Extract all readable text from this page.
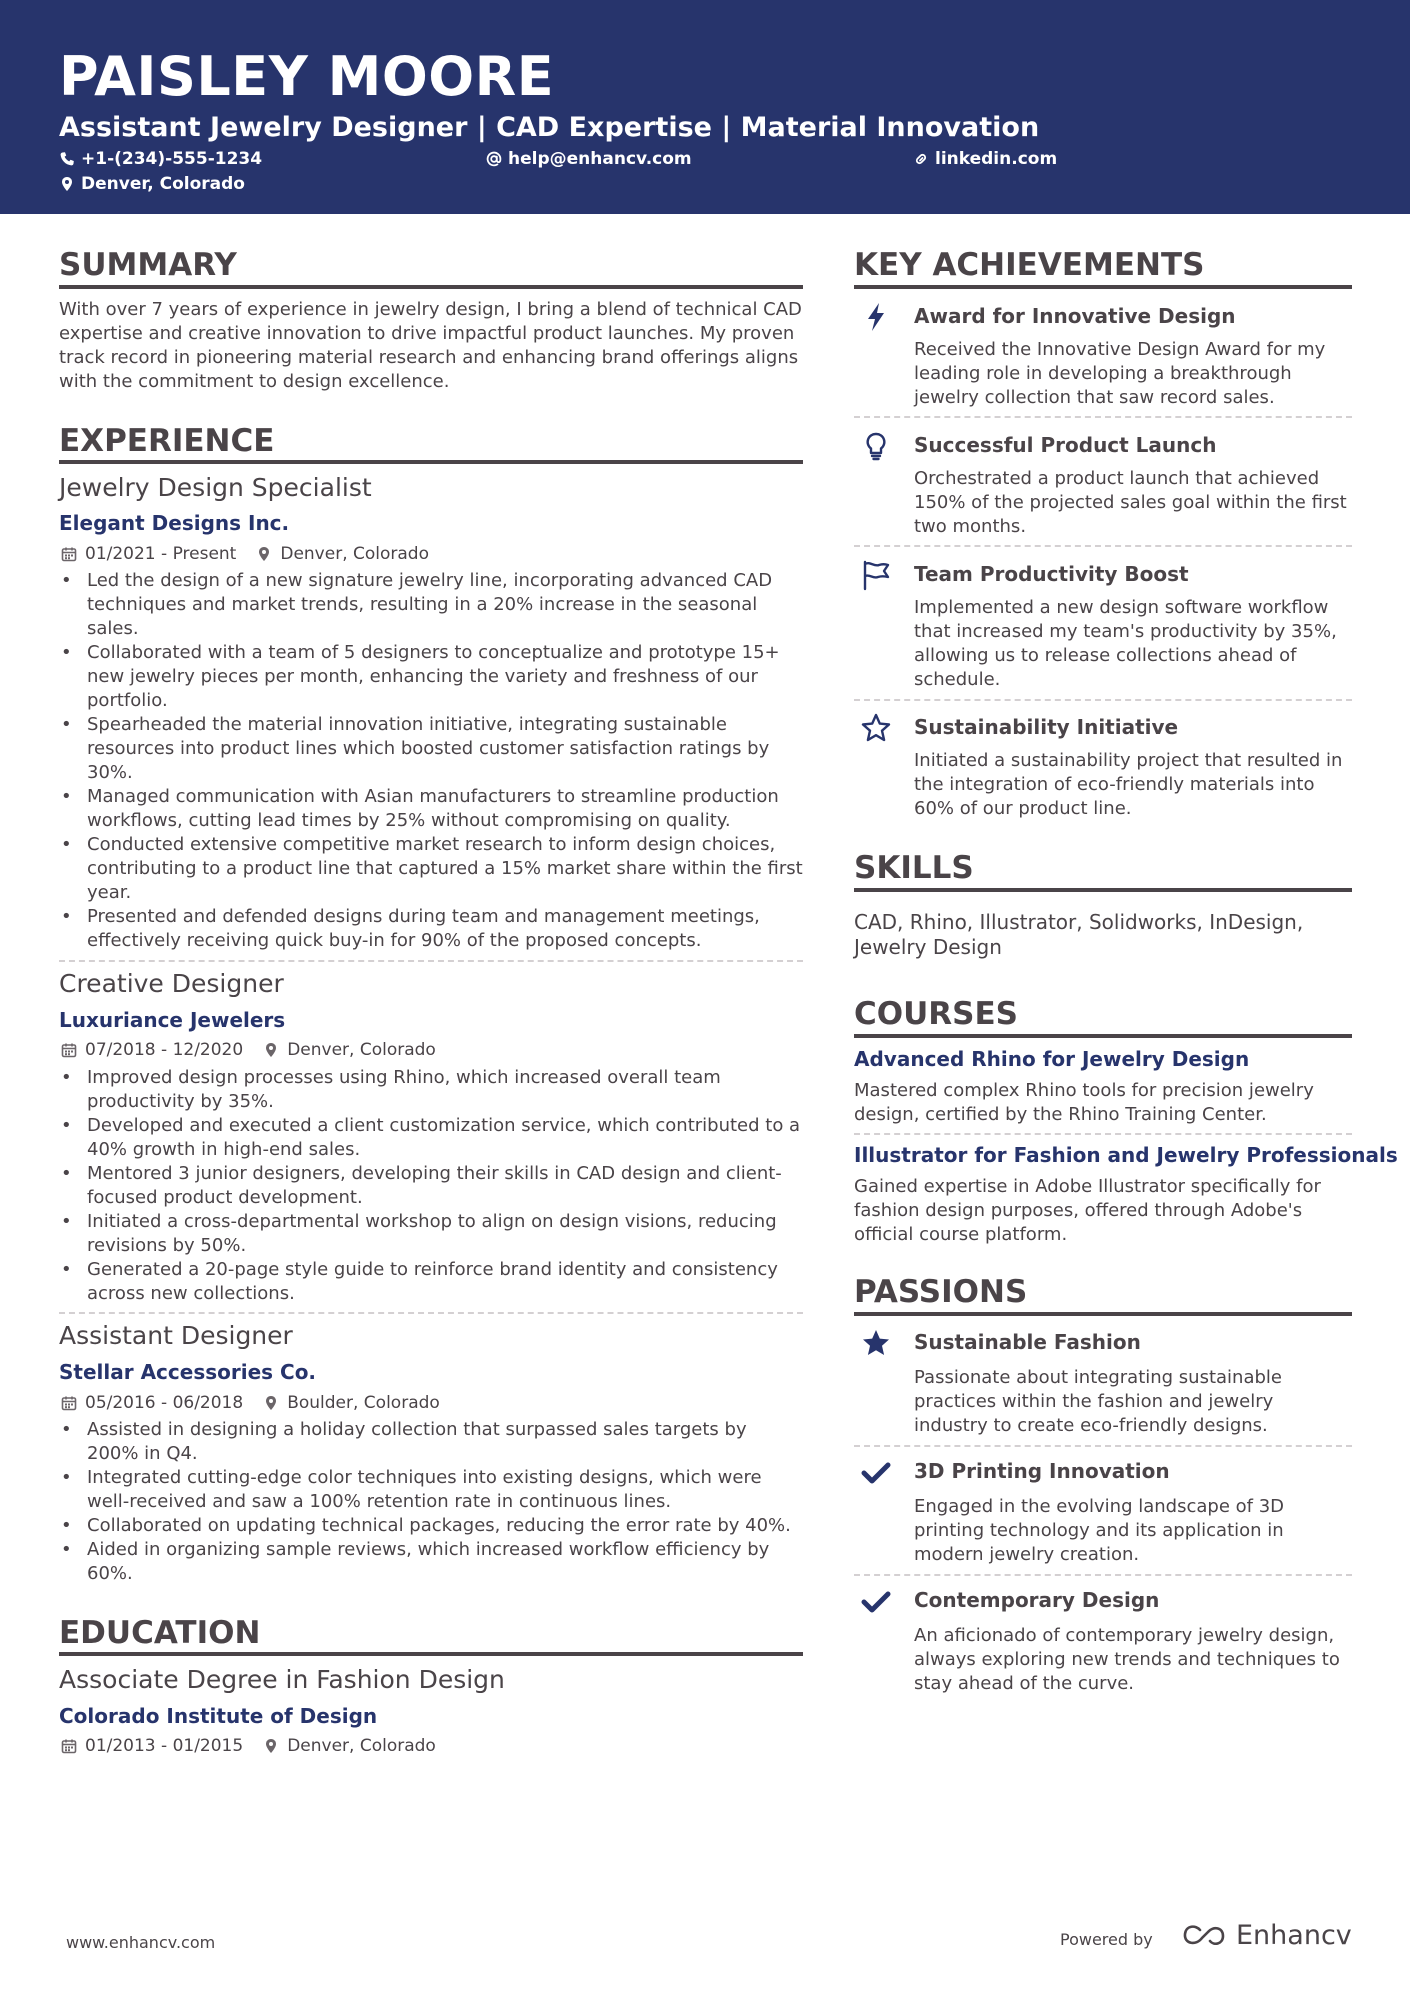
PAISLEY MOORE
Assistant Jewelry Designer | CAD Expertise | Material Innovation
+1-(234)-555-1234	help@enhancv.com	linkedin.com
Denver, Colorado
SUMMARY
With over 7 years of experience in jewelry design, I bring a blend of technical CAD expertise and creative innovation to drive impactful product launches. My proven track record in pioneering material research and enhancing brand offerings aligns with the commitment to design excellence.
EXPERIENCE
Jewelry Design Specialist
Elegant Designs Inc.
01/2021 - Present	Denver, Colorado
• Led the design of a new signature jewelry line, incorporating advanced CAD techniques and market trends, resulting in a 20% increase in the seasonal sales.
• Collaborated with a team of 5 designers to conceptualize and prototype 15+ new jewelry pieces per month, enhancing the variety and freshness of our portfolio.
• Spearheaded the material innovation initiative, integrating sustainable resources into product lines which boosted customer satisfaction ratings by 30%.
• Managed communication with Asian manufacturers to streamline production workflows, cutting lead times by 25% without compromising on quality.
• Conducted extensive competitive market research to inform design choices, contributing to a product line that captured a 15% market share within the first year.
• Presented and defended designs during team and management meetings, effectively receiving quick buy-in for 90% of the proposed concepts.
Creative Designer
Luxuriance Jewelers
07/2018 - 12/2020	Denver, Colorado
• Improved design processes using Rhino, which increased overall team productivity by 35%.
• Developed and executed a client customization service, which contributed to a 40% growth in high-end sales.
• Mentored 3 junior designers, developing their skills in CAD design and client-focused product development.
• Initiated a cross-departmental workshop to align on design visions, reducing revisions by 50%.
• Generated a 20-page style guide to reinforce brand identity and consistency across new collections.
Assistant Designer
Stellar Accessories Co.
05/2016 - 06/2018	Boulder, Colorado
• Assisted in designing a holiday collection that surpassed sales targets by 200% in Q4.
• Integrated cutting-edge color techniques into existing designs, which were well-received and saw a 100% retention rate in continuous lines.
• Collaborated on updating technical packages, reducing the error rate by 40%.
• Aided in organizing sample reviews, which increased workflow efficiency by 60%.
EDUCATION
Associate Degree in Fashion Design
Colorado Institute of Design
01/2013 - 01/2015	Denver, Colorado
KEY ACHIEVEMENTS
Award for Innovative Design
Received the Innovative Design Award for my leading role in developing a breakthrough jewelry collection that saw record sales.
Successful Product Launch
Orchestrated a product launch that achieved 150% of the projected sales goal within the first two months.
Team Productivity Boost
Implemented a new design software workflow that increased my team's productivity by 35%, allowing us to release collections ahead of schedule.
Sustainability Initiative
Initiated a sustainability project that resulted in the integration of eco-friendly materials into 60% of our product line.
SKILLS
CAD, Rhino, Illustrator, Solidworks, InDesign, Jewelry Design
COURSES
Advanced Rhino for Jewelry Design
Mastered complex Rhino tools for precision jewelry design, certified by the Rhino Training Center.
Illustrator for Fashion and Jewelry Professionals
Gained expertise in Adobe Illustrator specifically for fashion design purposes, offered through Adobe's official course platform.
PASSIONS
Sustainable Fashion
Passionate about integrating sustainable practices within the fashion and jewelry industry to create eco-friendly designs.
3D Printing Innovation
Engaged in the evolving landscape of 3D printing technology and its application in modern jewelry creation.
Contemporary Design
An aficionado of contemporary jewelry design, always exploring new trends and techniques to stay ahead of the curve.
www.enhancv.com	Powered by	Enhancv
